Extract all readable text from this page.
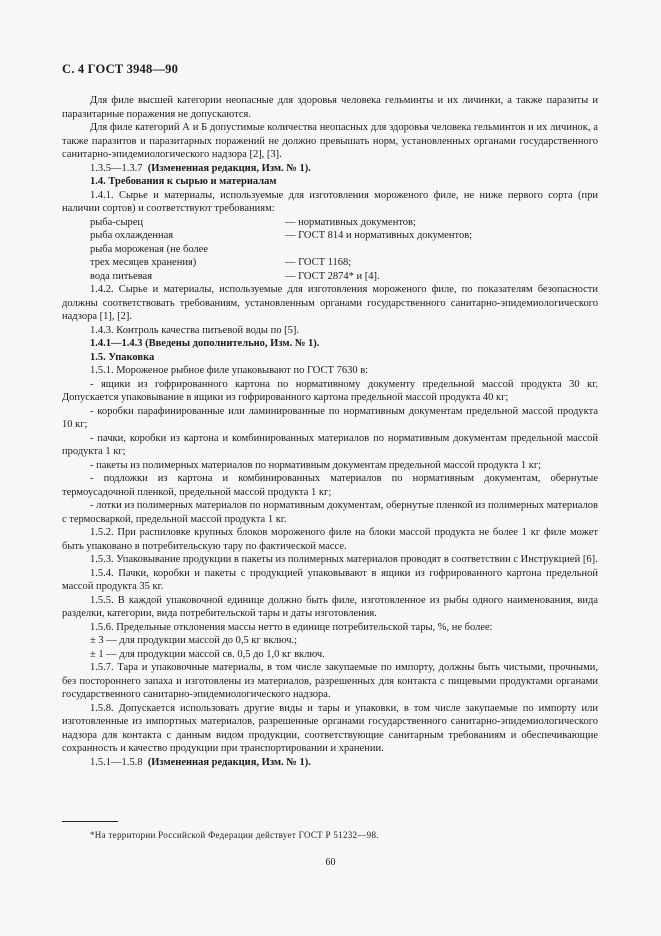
С. 4 ГОСТ 3948—90

Для филе высшей категории неопасные для здоровья человека гельминты и их личинки, а также паразиты и паразитарные поражения не допускаются.

Для филе категорий А и Б допустимые количества неопасных для здоровья человека гельминтов и их личинок, а также паразитов и паразитарных поражений не должно превышать норм, установленных органами государственного санитарно-эпидемиологического надзора [2], [3].

1.3.5—1.3.7 (Измененная редакция, Изм. № 1).

1.4. Требования к сырью и материалам

1.4.1. Сырье и материалы, используемые для изготовления мороженого филе, не ниже первого сорта (при наличии сортов) и соответствуют требованиям:

рыба-сырец	— нормативных документов;
рыба охлажденная	— ГОСТ 814 и нормативных документов;
рыба мороженая (не более
трех месяцев хранения)	— ГОСТ 1168;
вода питьевая	— ГОСТ 2874* и [4].

1.4.2. Сырье и материалы, используемые для изготовления мороженого филе, по показателям безопасности должны соответствовать требованиям, установленным органами государственного санитарно-эпидемиологического надзора [1], [2].

1.4.3. Контроль качества питьевой воды по [5].

1.4.1—1.4.3 (Введены дополнительно, Изм. № 1).

1.5. Упаковка

1.5.1. Мороженое рыбное филе упаковывают по ГОСТ 7630 в:

- ящики из гофрированного картона по нормативному документу предельной массой продукта 30 кг. Допускается упаковывание в ящики из гофрированного картона предельной массой продукта 40 кг;

- коробки парафинированные или ламинированные по нормативным документам предельной массой продукта 10 кг;

- пачки, коробки из картона и комбинированных материалов по нормативным документам предельной массой продукта 1 кг;

- пакеты из полимерных материалов по нормативным документам предельной массой продукта 1 кг;

- подложки из картона и комбинированных материалов по нормативным документам, обернутые термоусадочной пленкой, предельной массой продукта 1 кг;

- лотки из полимерных материалов по нормативным документам, обернутые пленкой из полимерных материалов с термосваркой, предельной массой продукта 1 кг.

1.5.2. При распиловке крупных блоков мороженого филе на блоки массой продукта не более 1 кг филе может быть упаковано в потребительскую тару по фактической массе.

1.5.3. Упаковывание продукции в пакеты из полимерных материалов проводят в соответствии с Инструкцией [6].

1.5.4. Пачки, коробки и пакеты с продукцией упаковывают в ящики из гофрированного картона предельной массой продукта 35 кг.

1.5.5. В каждой упаковочной единице должно быть филе, изготовленное из рыбы одного наименования, вида разделки, категории, вида потребительской тары и даты изготовления.

1.5.6. Предельные отклонения массы нетто в единице потребительской тары, %, не более:

± 3 — для продукции массой до 0,5 кг включ.;

± 1 — для продукции массой св. 0,5 до 1,0 кг включ.

1.5.7. Тара и упаковочные материалы, в том числе закупаемые по импорту, должны быть чистыми, прочными, без постороннего запаха и изготовлены из материалов, разрешенных для контакта с пищевыми продуктами органами государственного санитарно-эпидемиологического надзора.

1.5.8. Допускается использовать другие виды и тары и упаковки, в том числе закупаемые по импорту или изготовленные из импортных материалов, разрешенные органами государственного санитарно-эпидемиологического надзора для контакта с данным видом продукции, соответствующие санитарным требованиям и обеспечивающие сохранность и качество продукции при транспортировании и хранении.

1.5.1—1.5.8 (Измененная редакция, Изм. № 1).

*На территории Российской Федерации действует ГОСТ Р 51232—98.
60
